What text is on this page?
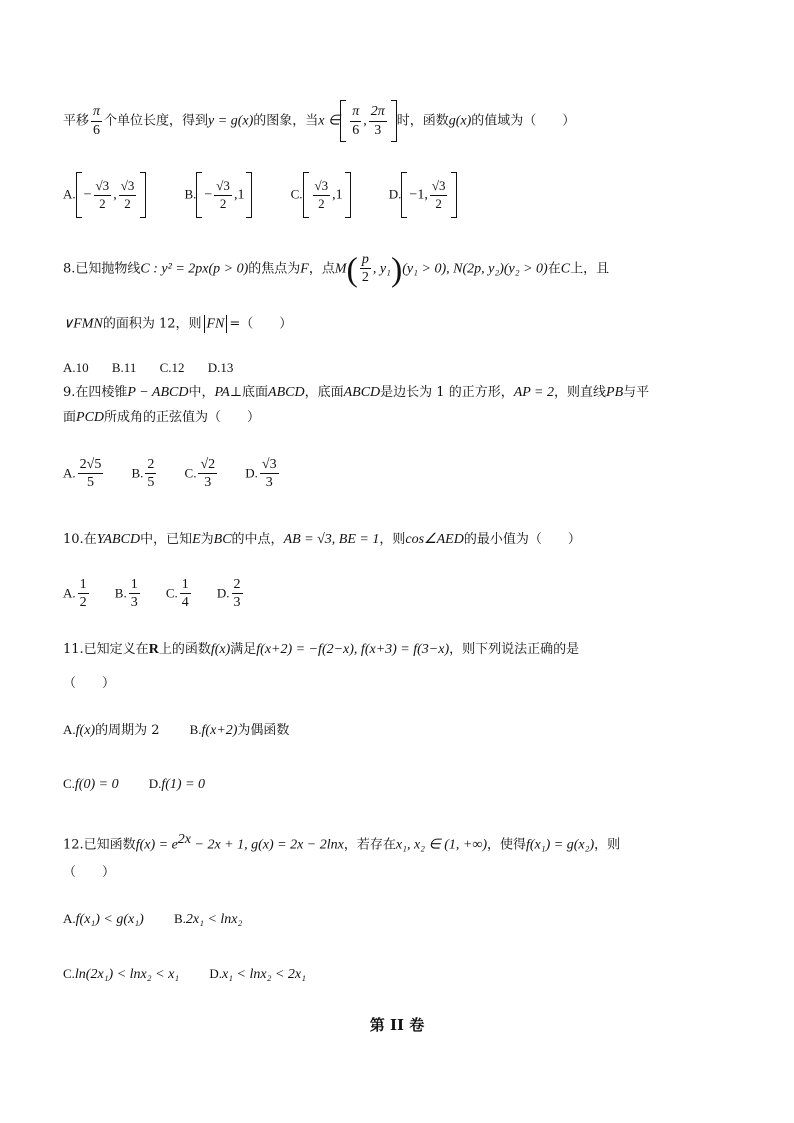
平移 $\frac{\pi}{6}$ 个单位长度，得到y = g(x)的图象，当x ∈ $\frac{\pi}{6}$ , $\frac{2\pi}{3}$ 时，函数g(x)的值域为（　　）
A. − $\frac{√3}{2}$ , $\frac{√3}{2}$	B. − $\frac{√3}{2} ,1$	C. $\frac{√3}{2} ,1$	D. −1, $\frac{√3}{2}$
8.已知抛物线C : y² = 2px(p > 0)的焦点为F，点$M( \frac{p}{2}$ , y₁)(y₁ > 0), N(2p, y₂)(y₂ > 0)在C上，且
∨FMN的面积为 12，则 FN =（　　）
A.10 B.11 C.12 D.13
9.在四棱锥P − ABCD中，PA⊥底面ABCD，底面ABCD是边长为 1 的正方形，AP = 2，则直线PB与平
面PCD所成角的正弦值为（　　）
A. $\frac{2√5}{5} B$. $\frac{2}{5} C$. $\frac{√2}{3} D$. $\frac{√3}{3}$
10.在YABCD中，已知E为BC的中点，AB = √3, BE = 1，则cos∠AED的最小值为（　　）
A. $\frac{1}{2} B$. $\frac{1}{3} C$. $\frac{1}{4} D$. $\frac{2}{3}$
11.已知定义在R上的函数f(x)满足f(x+2) = −f(2−x), f(x+3) = f(3−x)，则下列说法正确的是
（　　）
A.f(x)的周期为 2 B.f(x+2)为偶函数
C.f(0) = 0 D.f(1) = 0
12.已知函数$f(x) = e^{2x} - 2x + 1$, g(x) = 2x − 2lnx，若存在x₁, x₂ ∈ (1, +∞)，使得f(x₁) = g(x₂)，则
（　　）
A.f(x₁) < g(x₁) B.2x₁ < lnx₂
C.ln(2x₁) < lnx₂ < x₁ D.x₁ < lnx₂ < 2x₁
第 II 卷
